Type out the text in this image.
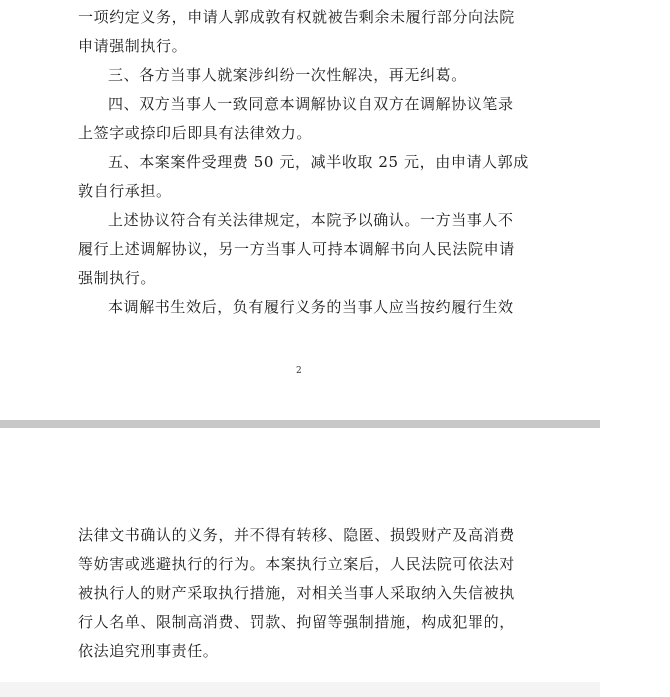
一项约定义务，申请人郭成敦有权就被告剩余未履行部分向法院
申请强制执行。
三、各方当事人就案涉纠纷一次性解决，再无纠葛。
四、双方当事人一致同意本调解协议自双方在调解协议笔录
上签字或捺印后即具有法律效力。
五、本案案件受理费 50 元，减半收取 25 元，由申请人郭成
敦自行承担。
上述协议符合有关法律规定，本院予以确认。一方当事人不
履行上述调解协议，另一方当事人可持本调解书向人民法院申请
强制执行。
本调解书生效后，负有履行义务的当事人应当按约履行生效
2
法律文书确认的义务，并不得有转移、隐匿、损毁财产及高消费
等妨害或逃避执行的行为。本案执行立案后，人民法院可依法对
被执行人的财产采取执行措施，对相关当事人采取纳入失信被执
行人名单、限制高消费、罚款、拘留等强制措施，构成犯罪的，
依法追究刑事责任。
